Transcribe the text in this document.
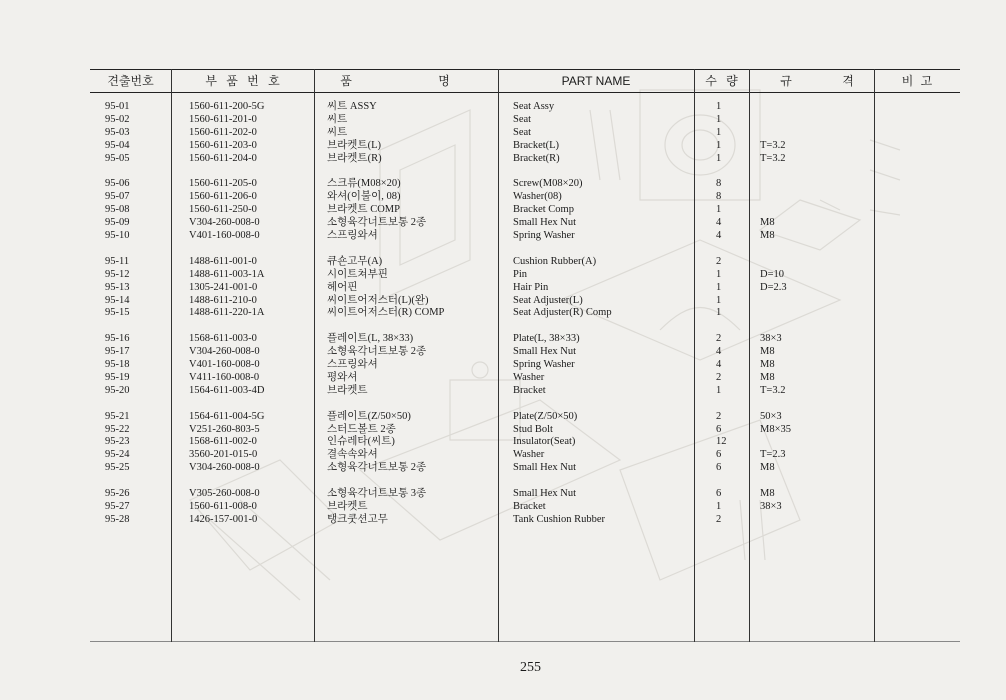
견출번호	부 품 번 호	품	명	PART NAME	수 량	규	격	비 고
95-01	1560-611-200-5G	씨트 ASSY	Seat Assy	1
95-02	1560-611-201-0	씨트	Seat	1
95-03	1560-611-202-0	씨트	Seat	1
95-04	1560-611-203-0	브라켓트(L)	Bracket(L)	1	T=3.2
95-05	1560-611-204-0	브라켓트(R)	Bracket(R)	1	T=3.2
95-06	1560-611-205-0	스크류(M08×20)	Screw(M08×20)	8
95-07	1560-611-206-0	와셔(이불이, 08)	Washer(08)	8
95-08	1560-611-250-0	브라켓트 COMP	Bracket Comp	1
95-09	V304-260-008-0	소형육각너트보통 2종	Small Hex Nut	4	M8
95-10	V401-160-008-0	스프링와셔	Spring Washer	4	M8
95-11	1488-611-001-0	큐숀고무(A)	Cushion Rubber(A)	2
95-12	1488-611-003-1A	시이트쳐부핀	Pin	1	D=10
95-13	1305-241-001-0	헤어핀	Hair Pin	1	D=2.3
95-14	1488-611-210-0	씨이트어저스터(L)(완)	Seat Adjuster(L)	1
95-15	1488-611-220-1A	씨이트어저스터(R) COMP	Seat Adjuster(R) Comp	1
95-16	1568-611-003-0	플레이트(L, 38×33)	Plate(L, 38×33)	2	38×3
95-17	V304-260-008-0	소형육각너트보통 2종	Small Hex Nut	4	M8
95-18	V401-160-008-0	스프링와셔	Spring Washer	4	M8
95-19	V411-160-008-0	평와셔	Washer	2	M8
95-20	1564-611-003-4D	브라켓트	Bracket	1	T=3.2
95-21	1564-611-004-5G	플레이트(Z/50×50)	Plate(Z/50×50)	2	50×3
95-22	V251-260-803-5	스터드볼트 2종	Stud Bolt	6	M8×35
95-23	1568-611-002-0	인슈레타(씨트)	Insulator(Seat)	12
95-24	3560-201-015-0	결속속와셔	Washer	6	T=2.3
95-25	V304-260-008-0	소형육각너트보통 2종	Small Hex Nut	6	M8
95-26	V305-260-008-0	소형육각너트보통 3종	Small Hex Nut	6	M8
95-27	1560-611-008-0	브라켓트	Bracket	1	38×3
95-28	1426-157-001-0	탱크쿳션고무	Tank Cushion Rubber	2
255
